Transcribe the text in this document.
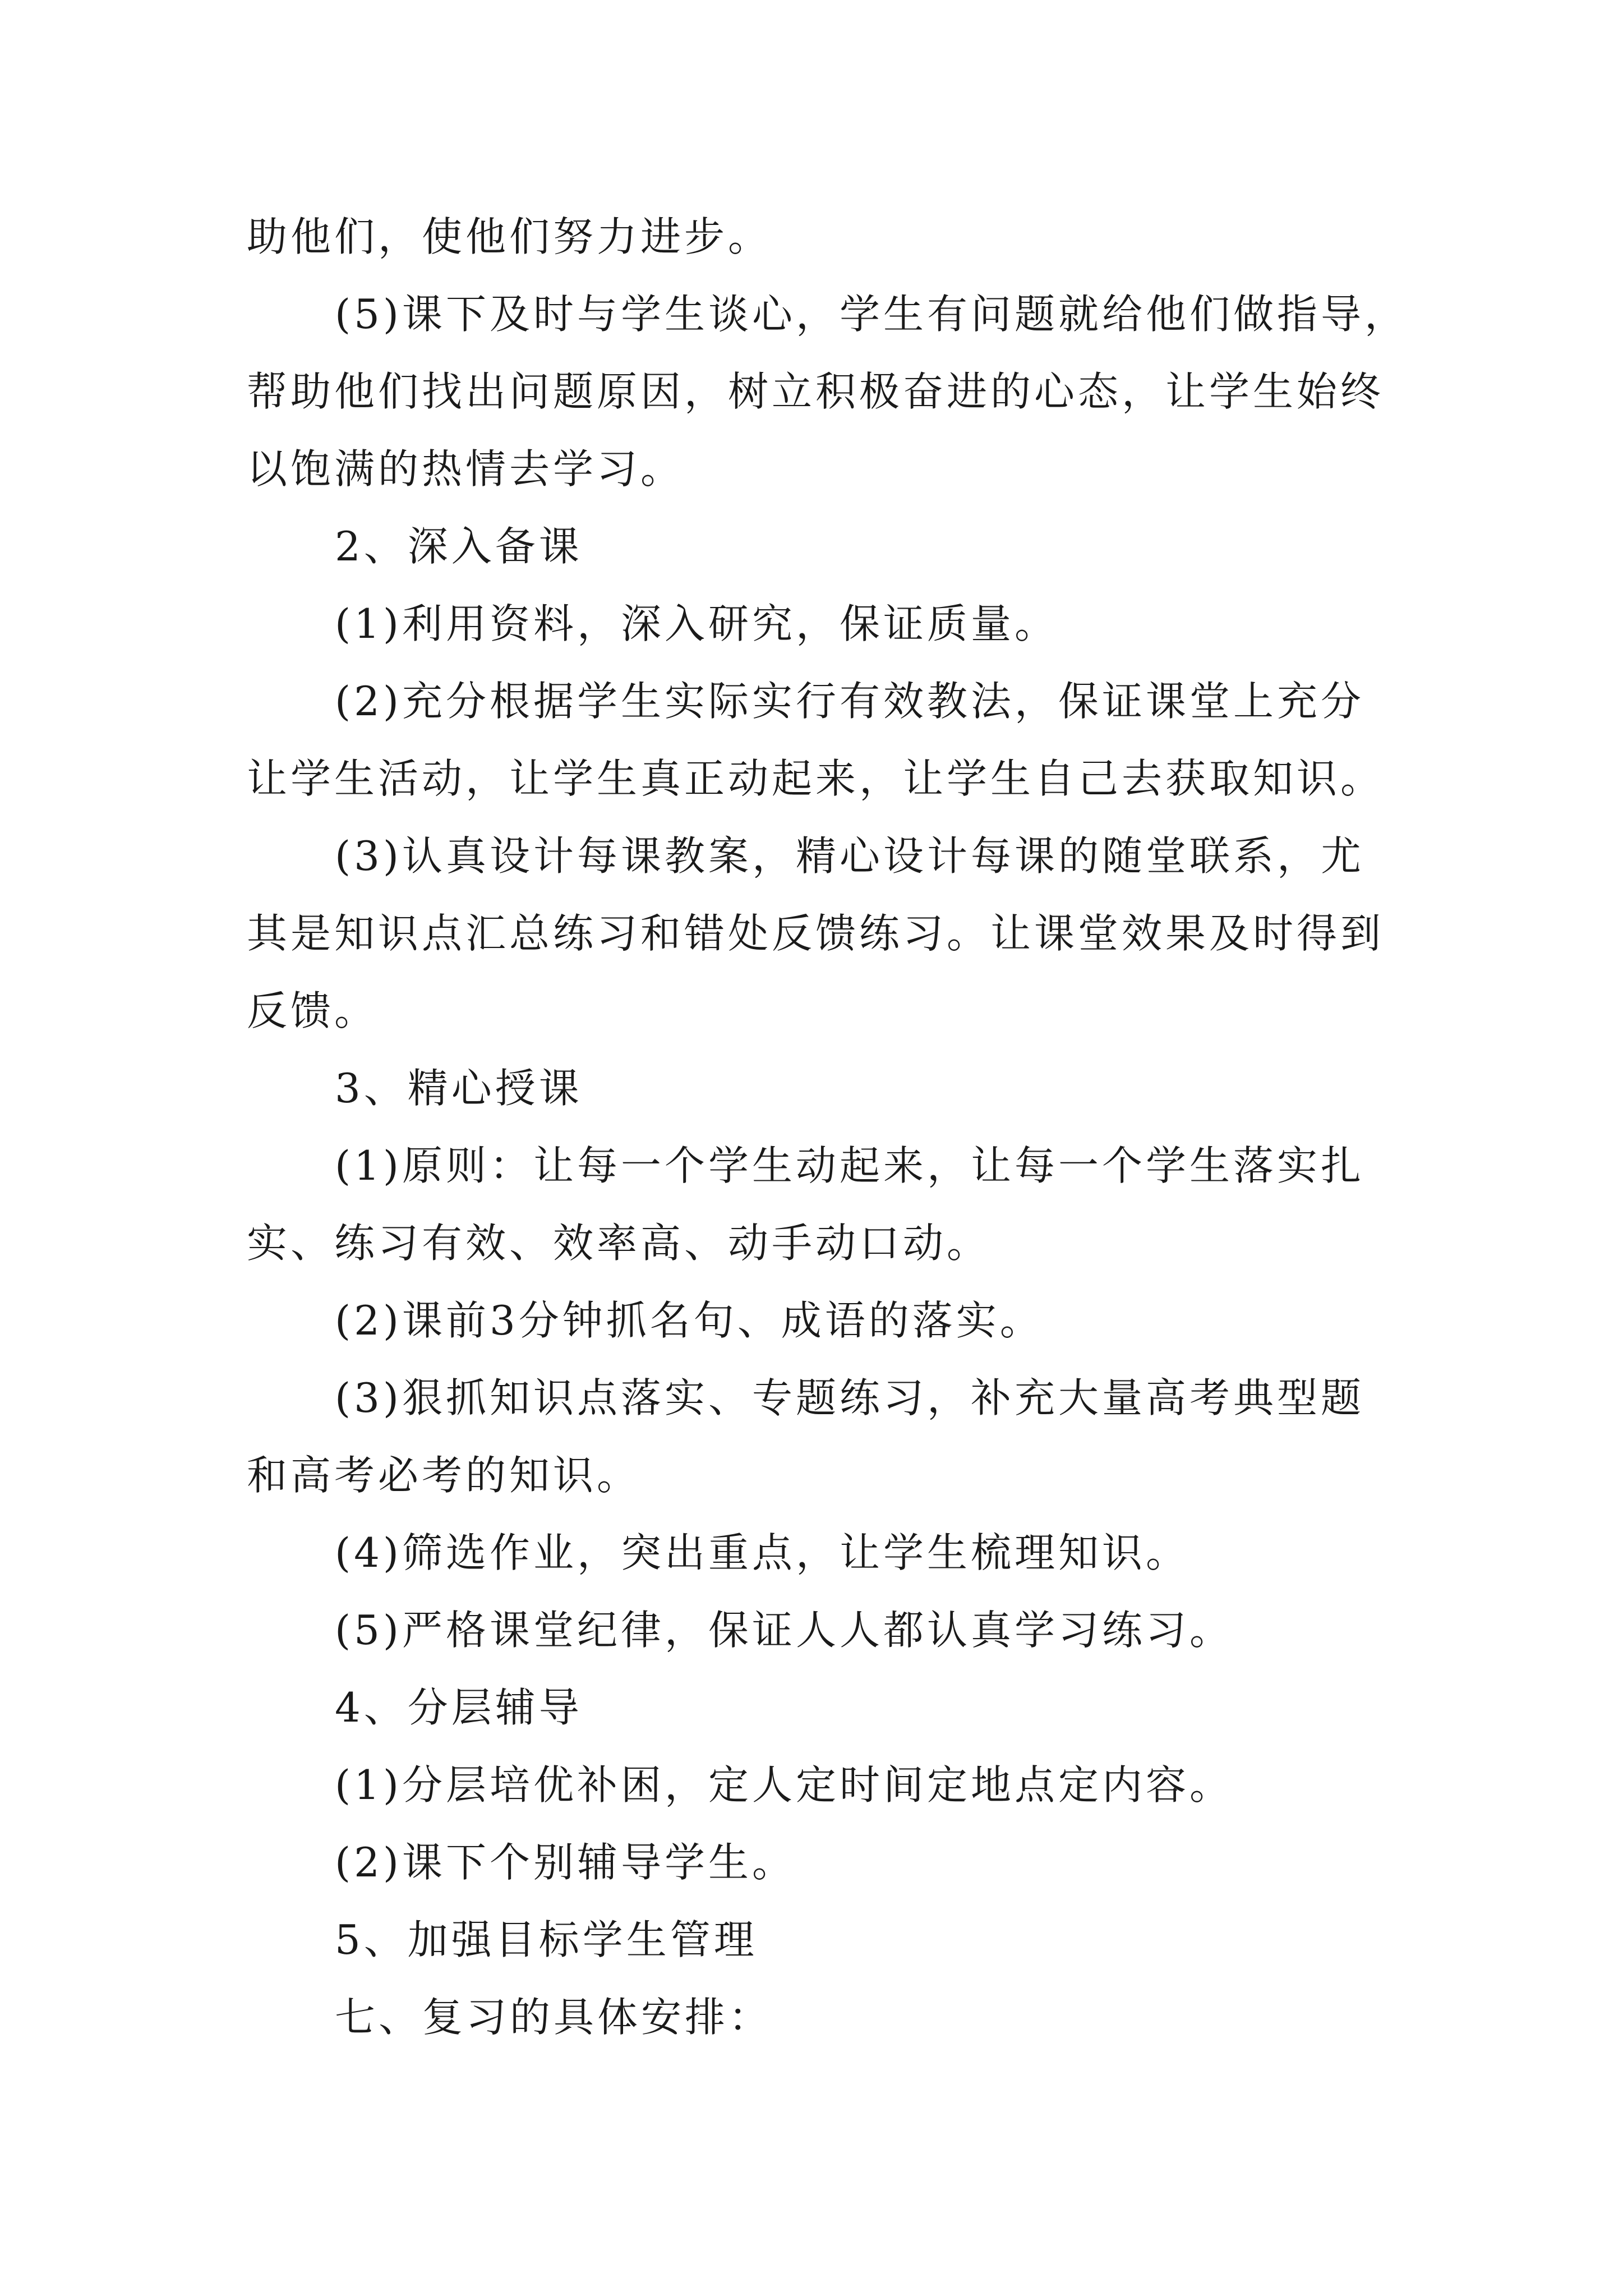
助他们，使他们努力进步。
(5)课下及时与学生谈心，学生有问题就给他们做指导，
帮助他们找出问题原因，树立积极奋进的心态，让学生始终
以饱满的热情去学习。
2、深入备课
(1)利用资料，深入研究，保证质量。
(2)充分根据学生实际实行有效教法，保证课堂上充分
让学生活动，让学生真正动起来，让学生自己去获取知识。
(3)认真设计每课教案，精心设计每课的随堂联系，尤
其是知识点汇总练习和错处反馈练习。让课堂效果及时得到
反馈。
3、精心授课
(1)原则：让每一个学生动起来，让每一个学生落实扎
实、练习有效、效率高、动手动口动。
(2)课前3分钟抓名句、成语的落实。
(3)狠抓知识点落实、专题练习，补充大量高考典型题
和高考必考的知识。
(4)筛选作业，突出重点，让学生梳理知识。
(5)严格课堂纪律，保证人人都认真学习练习。
4、分层辅导
(1)分层培优补困，定人定时间定地点定内容。
(2)课下个别辅导学生。
5、加强目标学生管理
七、复习的具体安排：
